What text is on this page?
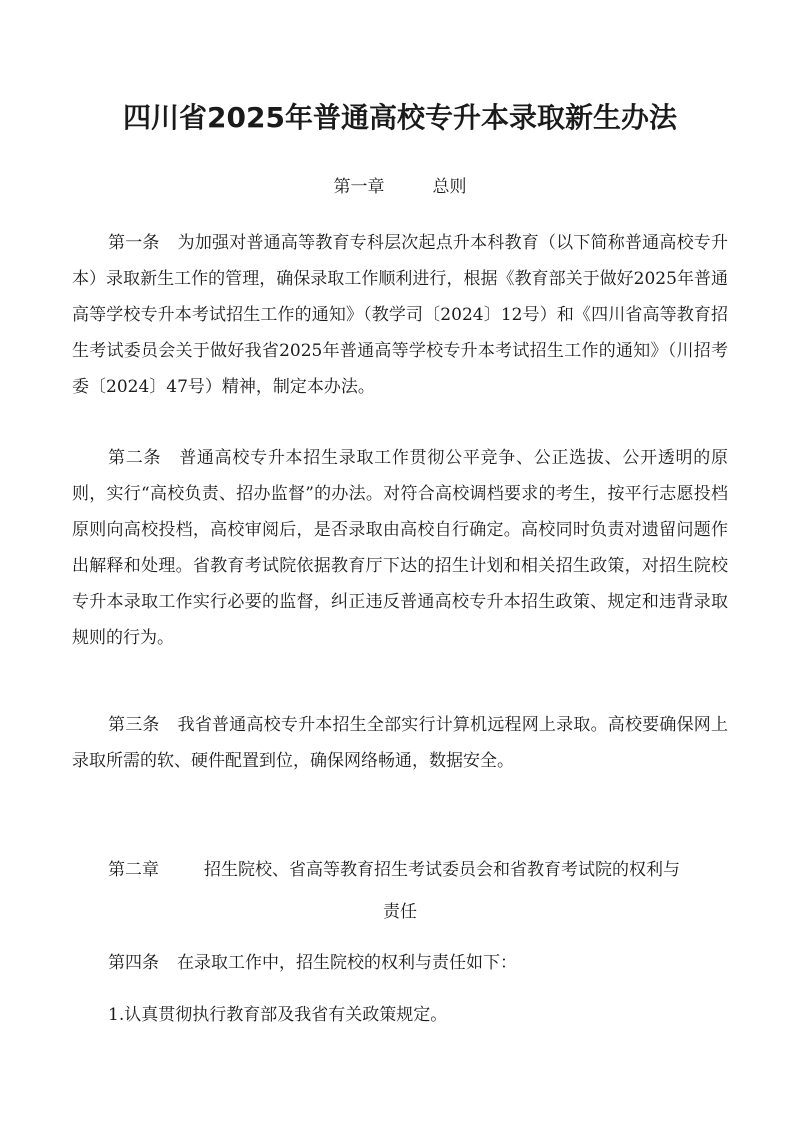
四川省2025年普通高校专升本录取新生办法
第一章	总则
第一条 为加强对普通高等教育专科层次起点升本科教育（以下简称普通高校专升本）录取新生工作的管理，确保录取工作顺利进行，根据《教育部关于做好2025年普通高等学校专升本考试招生工作的通知》（教学司〔2024〕12号）和《四川省高等教育招生考试委员会关于做好我省2025年普通高等学校专升本考试招生工作的通知》（川招考委〔2024〕47号）精神，制定本办法。
第二条 普通高校专升本招生录取工作贯彻公平竞争、公正选拔、公开透明的原则，实行“高校负责、招办监督”的办法。对符合高校调档要求的考生，按平行志愿投档原则向高校投档，高校审阅后，是否录取由高校自行确定。高校同时负责对遗留问题作出解释和处理。省教育考试院依据教育厅下达的招生计划和相关招生政策，对招生院校专升本录取工作实行必要的监督，纠正违反普通高校专升本招生政策、规定和违背录取规则的行为。
第三条 我省普通高校专升本招生全部实行计算机远程网上录取。高校要确保网上录取所需的软、硬件配置到位，确保网络畅通，数据安全。
第二章	招生院校、省高等教育招生考试委员会和省教育考试院的权利与
责任
第四条 在录取工作中，招生院校的权利与责任如下：
1.认真贯彻执行教育部及我省有关政策规定。
